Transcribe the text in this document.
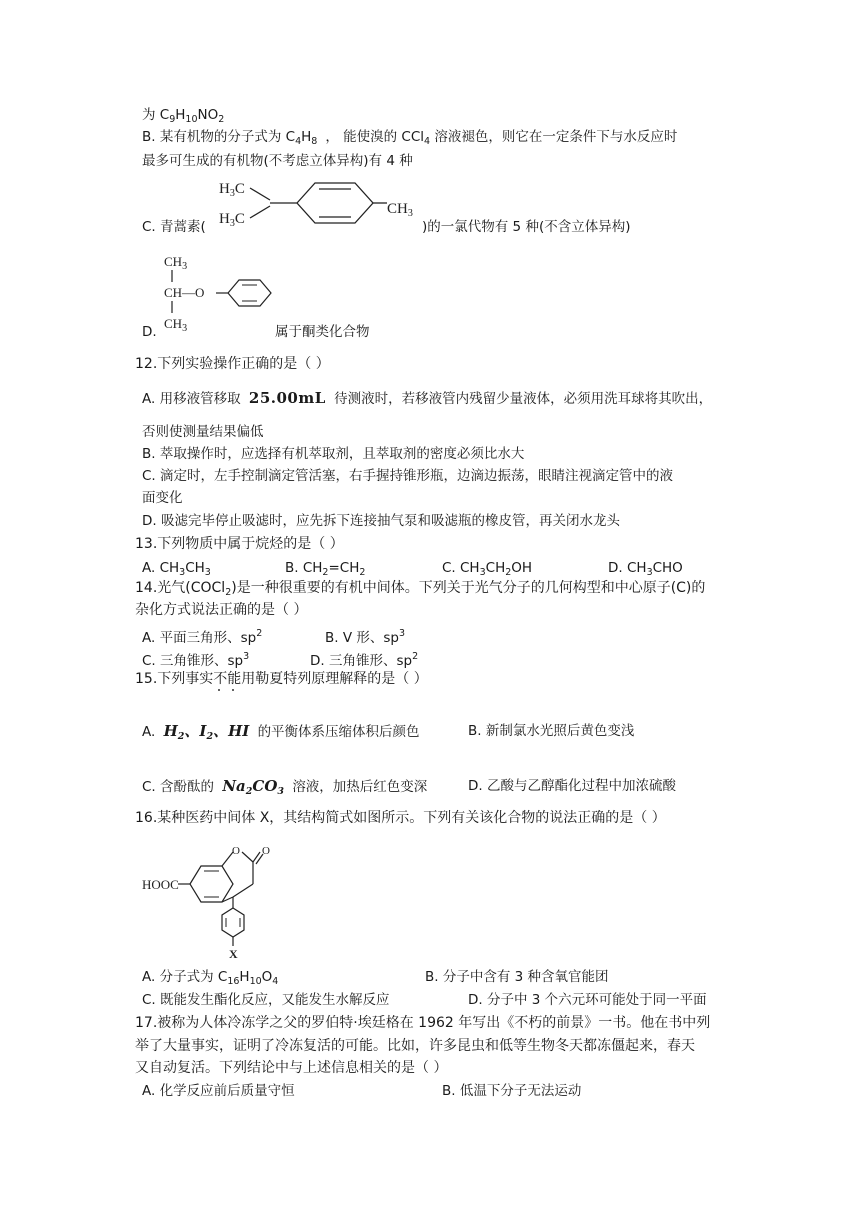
为 $C_9H_{10}NO_2$
B. 某有机物的分子式为 $C_4H_8$ ， 能使溴的 CCl$_4$ 溶液褪色，则它在一定条件下与水反应时
最多可生成的有机物(不考虑立体异构)有 4 种
C. 青蒿素(
$H_3C$
$H_3C$
$CH_3$
)的一氯代物有 5 种(不含立体异构)
$CH_3$
CH—O
$CH_3$
D.	属于酮类化合物
12.下列实验操作正确的是（ ）
A. 用移液管移取 25.00mL 待测液时，若移液管内残留少量液体，必须用洗耳球将其吹出，
否则使测量结果偏低
B. 萃取操作时，应选择有机萃取剂，且萃取剂的密度必须比水大
C. 滴定时，左手控制滴定管活塞，右手握持锥形瓶，边滴边振荡，眼睛注视滴定管中的液
面变化
D. 吸滤完毕停止吸滤时，应先拆下连接抽气泵和吸滤瓶的橡皮管，再关闭水龙头
13.下列物质中属于烷烃的是（ ）
A. $CH_3CH_3$	B. $CH_2=CH_2$	C. $CH_3CH_2OH$	D. $CH_3CHO$
14.光气(COCl$_2$)是一种很重要的有机中间体。下列关于光气分子的几何构型和中心原子(C)的
杂化方式说法正确的是（ ）
A. 平面三角形、$sp^2$	B. V 形、$sp^3$
C. 三角锥形、$sp^3$	D. 三角锥形、$sp^2$
15.下列事实不能用勒夏特列原理解释的是（ ）
A. $H_2$、$I_2$、HI 的平衡体系压缩体积后颜色	B. 新制氯水光照后黄色变浅
C. 含酚酞的 $Na_2CO_3$ 溶液，加热后红色变深	D. 乙酸与乙醇酯化过程中加浓硫酸
16.某种医药中间体 X，其结构简式如图所示。下列有关该化合物的说法正确的是（ ）
HOOC
O O
X
A. 分子式为 $C_{16}H_{10}O_4$	B. 分子中含有 3 种含氧官能团
C. 既能发生酯化反应，又能发生水解反应	D. 分子中 3 个六元环可能处于同一平面
17.被称为人体冷冻学之父的罗伯特·埃廷格在 1962 年写出《不朽的前景》一书。他在书中列
举了大量事实，证明了冷冻复活的可能。比如，许多昆虫和低等生物冬天都冻僵起来，春天
又自动复活。下列结论中与上述信息相关的是（ ）
A. 化学反应前后质量守恒	B. 低温下分子无法运动
